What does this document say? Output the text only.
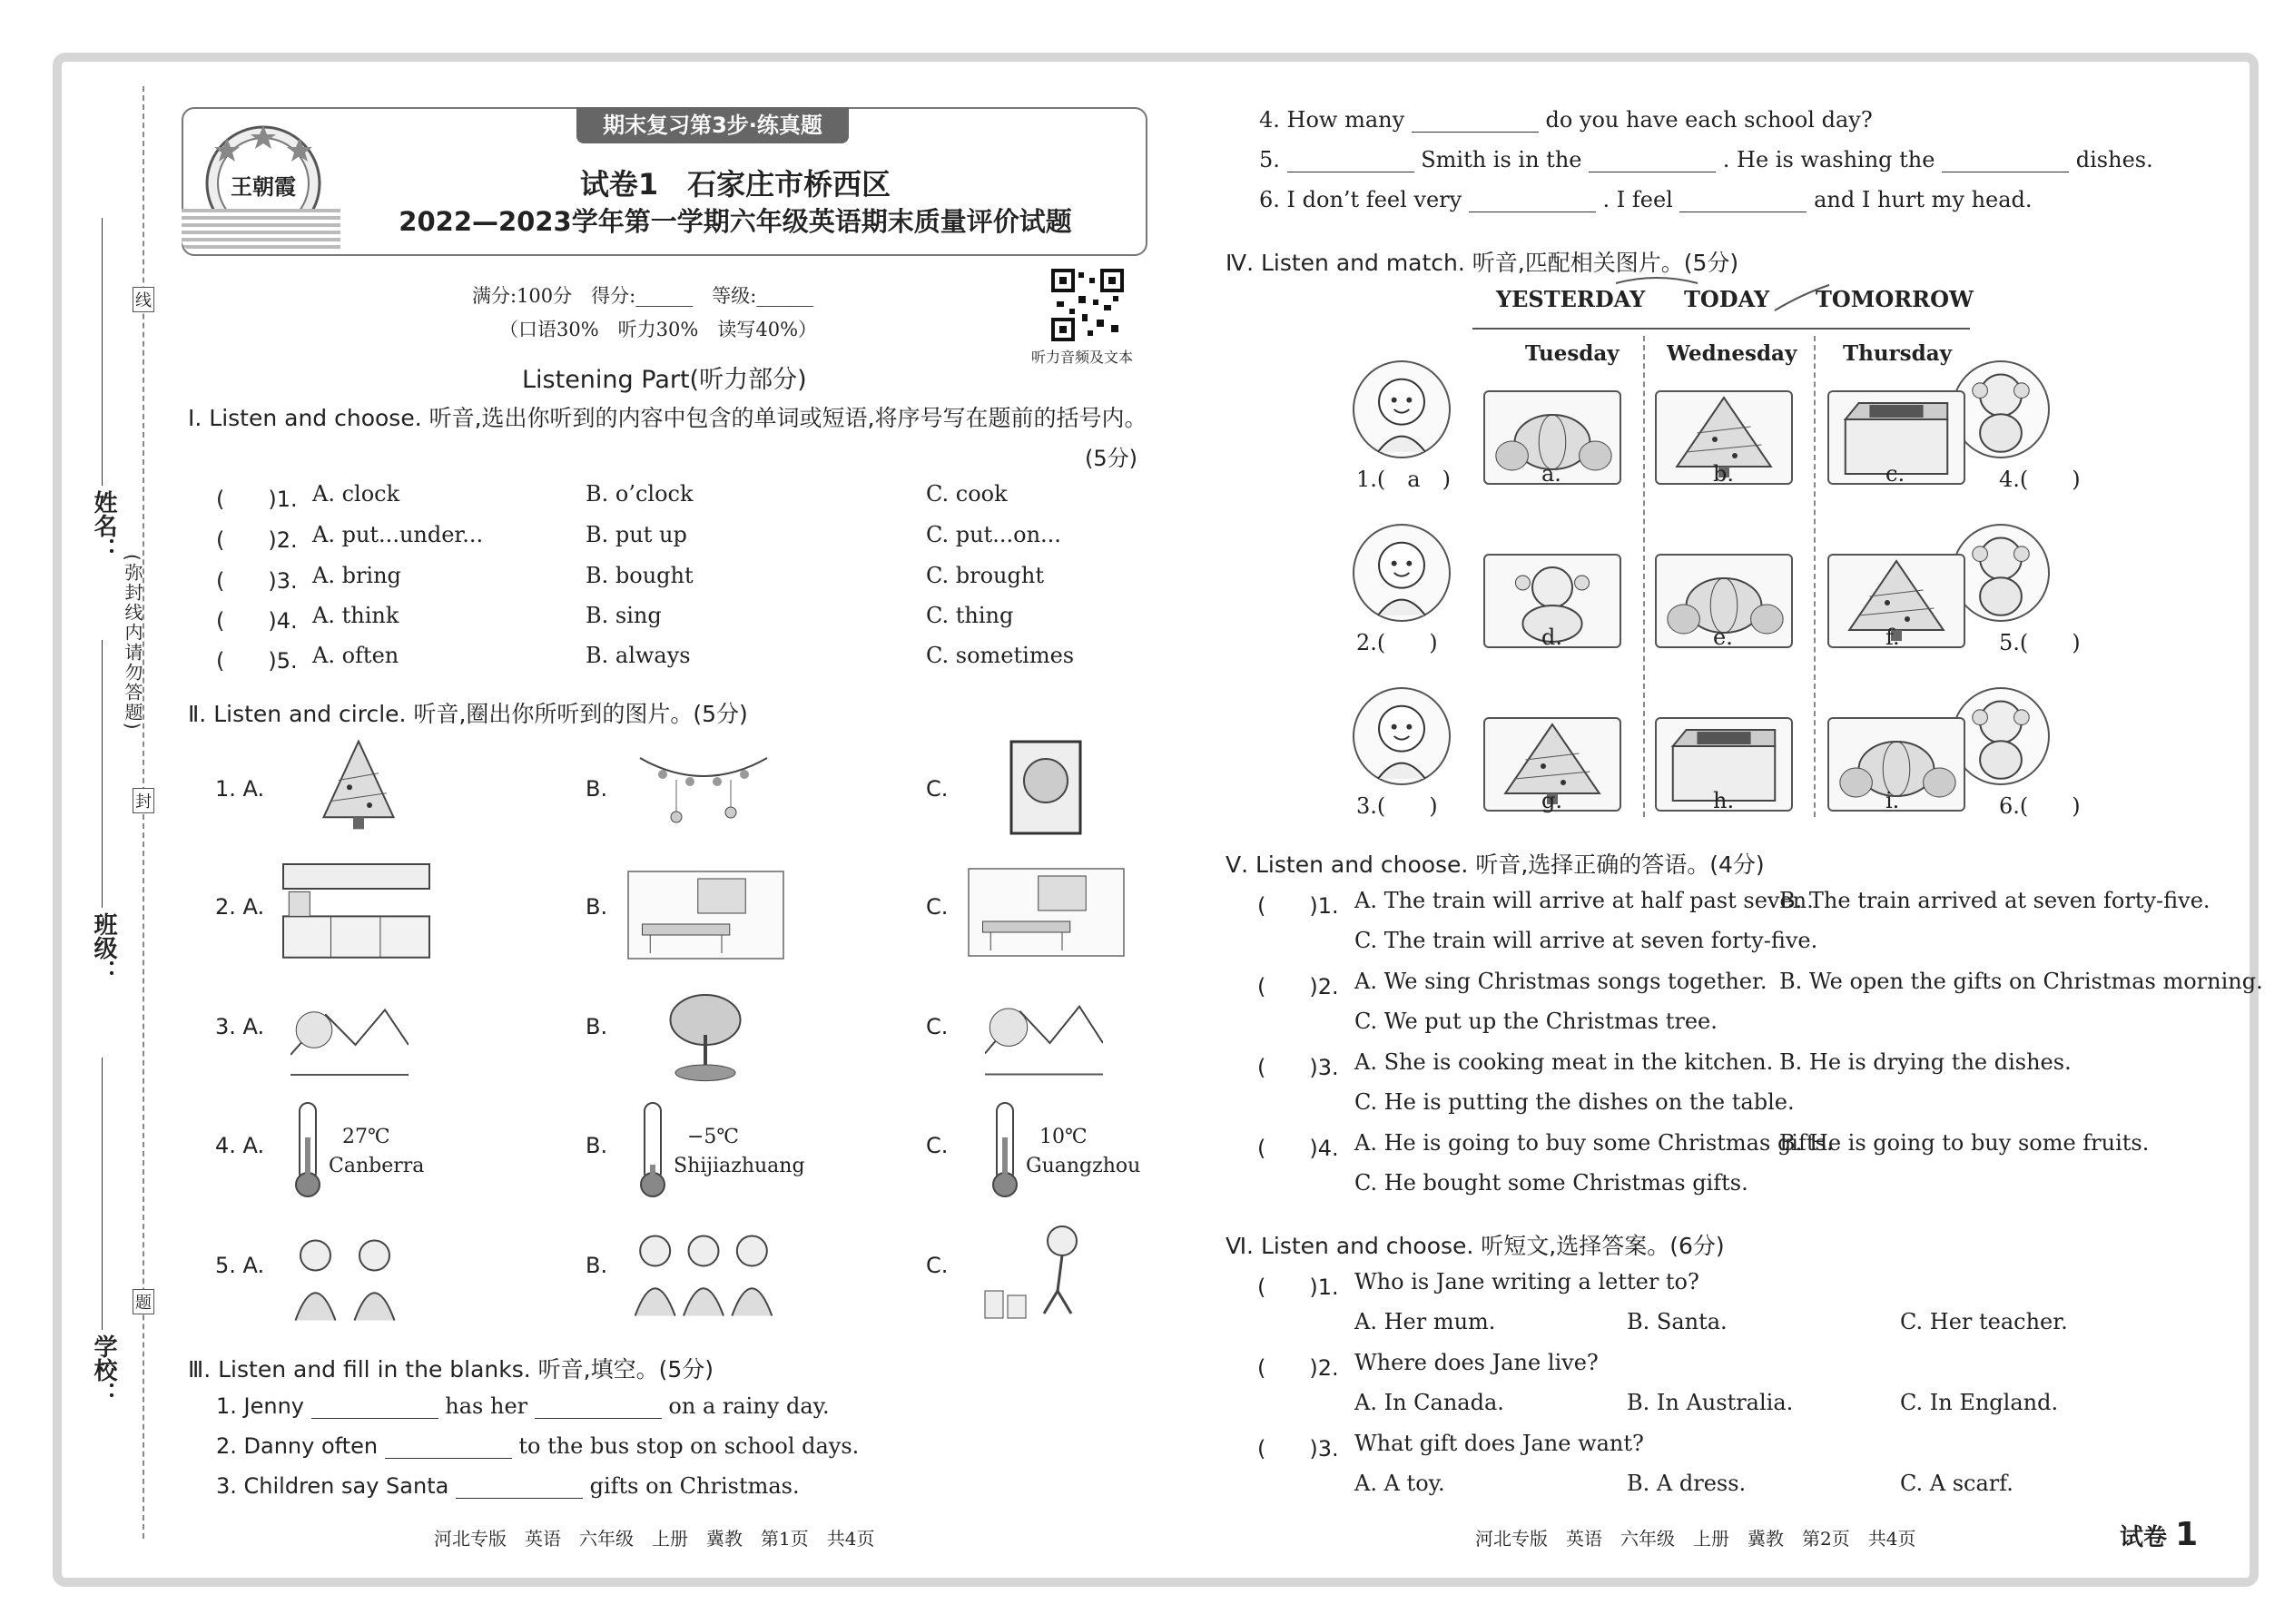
线
封
题
(弥封线内请勿答题)
姓名：
班级：
学校：
期末复习第3步·练真题
王朝霞	试卷1　石家庄市桥西区
2022—2023学年第一学期六年级英语期末质量评价试题
满分:100分　得分:______　等级:______
（口语30%　听力30%　读写40%）
听力音频及文本
Listening Part(听力部分)
Ⅰ. Listen and choose. 听音,选出你听到的内容中包含的单词或短语,将序号写在题前的括号内。
(5分)
(　　)1. A. clock	B. o’clock	C. cook
(　　)2. A. put...under...	B. put up	C. put...on...
(　　)3. A. bring	B. bought	C. brought
(　　)4. A. think	B. sing	C. thing
(　　)5. A. often	B. always	C. sometimes
Ⅱ. Listen and circle. 听音,圈出你所听到的图片。(5分)
1. A.	B.	C.
2. A.	B.	C.
3. A.	B.	C.
4. A.	B.	C.
5. A.	B.	C.
27℃
Canberra
−5℃
Shijiazhuang
10℃
Guangzhou
Ⅲ. Listen and fill in the blanks. 听音,填空。(5分)
1. Jenny	has her	on a rainy day.
2. Danny often	to the bus stop on school days.
3. Children say Santa	gifts on Christmas.
河北专版　英语　六年级　上册　冀教　第1页　共4页
4. How many	do you have each school day?
5.	Smith is in the	. He is washing the	dishes.
6. I don’t feel very	. I feel	and I hurt my head.
Ⅳ. Listen and match. 听音,匹配相关图片。(5分)
YESTERDAY TODAY TOMORROW
Tuesday Wednesday Thursday
1.(　a　)	4.(　　)
a.	b.	c.
2.(　　)	5.(　　)
d.	e.	f.
3.(　　)	6.(　　)
g.	h.	i.
Ⅴ. Listen and choose. 听音,选择正确的答语。(4分)
(　　)1. A. The train will arrive at half past seven.
B. The train arrived at seven forty-five.
C. The train will arrive at seven forty-five.
(　　)2. A. We sing Christmas songs together. B. We open the gifts on Christmas morning.
C. We put up the Christmas tree.
(　　)3. A. She is cooking meat in the kitchen. B. He is drying the dishes.
C. He is putting the dishes on the table.
(　　)4. A. He is going to buy some Christmas gifts.
B. He is going to buy some fruits.
C. He bought some Christmas gifts.
Ⅵ. Listen and choose. 听短文,选择答案。(6分)
(　　)1. Who is Jane writing a letter to?
A. Her mum.	B. Santa.	C. Her teacher.
(　　)2. Where does Jane live?
A. In Canada.	B. In Australia.	C. In England.
(　　)3. What gift does Jane want?
A. A toy.	B. A dress.	C. A scarf.
河北专版　英语　六年级　上册　冀教　第2页　共4页	试卷 1
